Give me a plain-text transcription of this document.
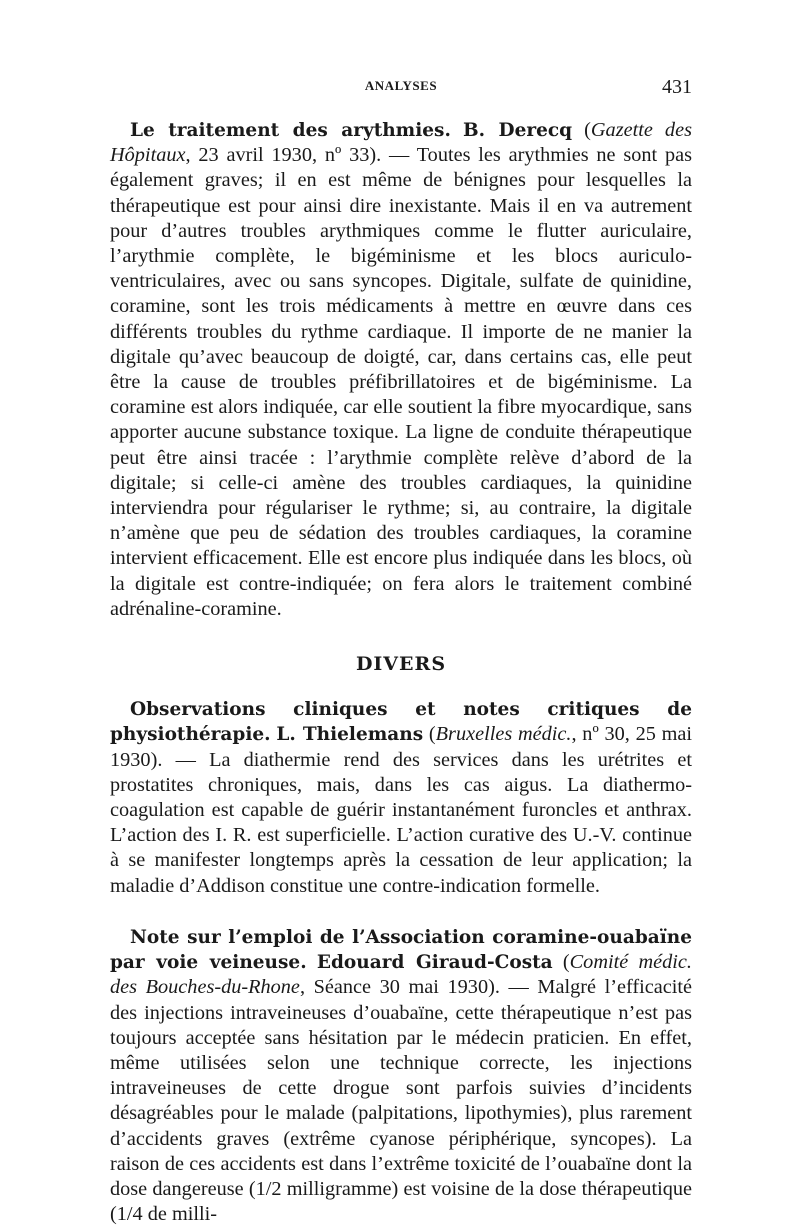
ANALYSES	431

Le traitement des arythmies. B. Derecq (Gazette des Hôpitaux, 23 avril 1930, nº 33). — Toutes les arythmies ne sont pas également graves; il en est même de bénignes pour lesquelles la thérapeutique est pour ainsi dire inexistante. Mais il en va autrement pour d’autres troubles arythmiques comme le flutter auriculaire, l’arythmie complète, le bigéminisme et les blocs auriculo-ventriculaires, avec ou sans syncopes. Digitale, sulfate de quinidine, coramine, sont les trois médicaments à mettre en œuvre dans ces différents troubles du rythme cardiaque. Il importe de ne manier la digitale qu’avec beaucoup de doigté, car, dans certains cas, elle peut être la cause de troubles préfibrillatoires et de bigéminisme. La coramine est alors indiquée, car elle soutient la fibre myocardique, sans apporter aucune substance toxique. La ligne de conduite thérapeutique peut être ainsi tracée : l’arythmie complète relève d’abord de la digitale; si celle-ci amène des troubles cardiaques, la quinidine interviendra pour régulariser le rythme; si, au contraire, la digitale n’amène que peu de sédation des troubles cardiaques, la coramine intervient efficacement. Elle est encore plus indiquée dans les blocs, où la digitale est contre-indiquée; on fera alors le traitement combiné adrénaline-coramine.

DIVERS

Observations cliniques et notes critiques de physiothérapie. L. Thielemans (Bruxelles médic., nº 30, 25 mai 1930). — La diathermie rend des services dans les urétrites et prostatites chroniques, mais, dans les cas aigus. La diathermo-coagulation est capable de guérir instantanément furoncles et anthrax. L’action des I. R. est superficielle. L’action curative des U.-V. continue à se manifester longtemps après la cessation de leur application; la maladie d’Addison constitue une contre-indication formelle.

Note sur l’emploi de l’Association coramine-ouabaïne par voie veineuse. Edouard Giraud-Costa (Comité médic. des Bouches-du-Rhone, Séance 30 mai 1930). — Malgré l’efficacité des injections intraveineuses d’ouabaïne, cette thérapeutique n’est pas toujours acceptée sans hésitation par le médecin praticien. En effet, même utilisées selon une technique correcte, les injections intraveineuses de cette drogue sont parfois suivies d’incidents désagréables pour le malade (palpitations, lipothymies), plus rarement d’accidents graves (extrême cyanose périphérique, syncopes). La raison de ces accidents est dans l’extrême toxicité de l’ouabaïne dont la dose dangereuse (1/2 milligramme) est voisine de la dose thérapeutique (1/4 de milli-
